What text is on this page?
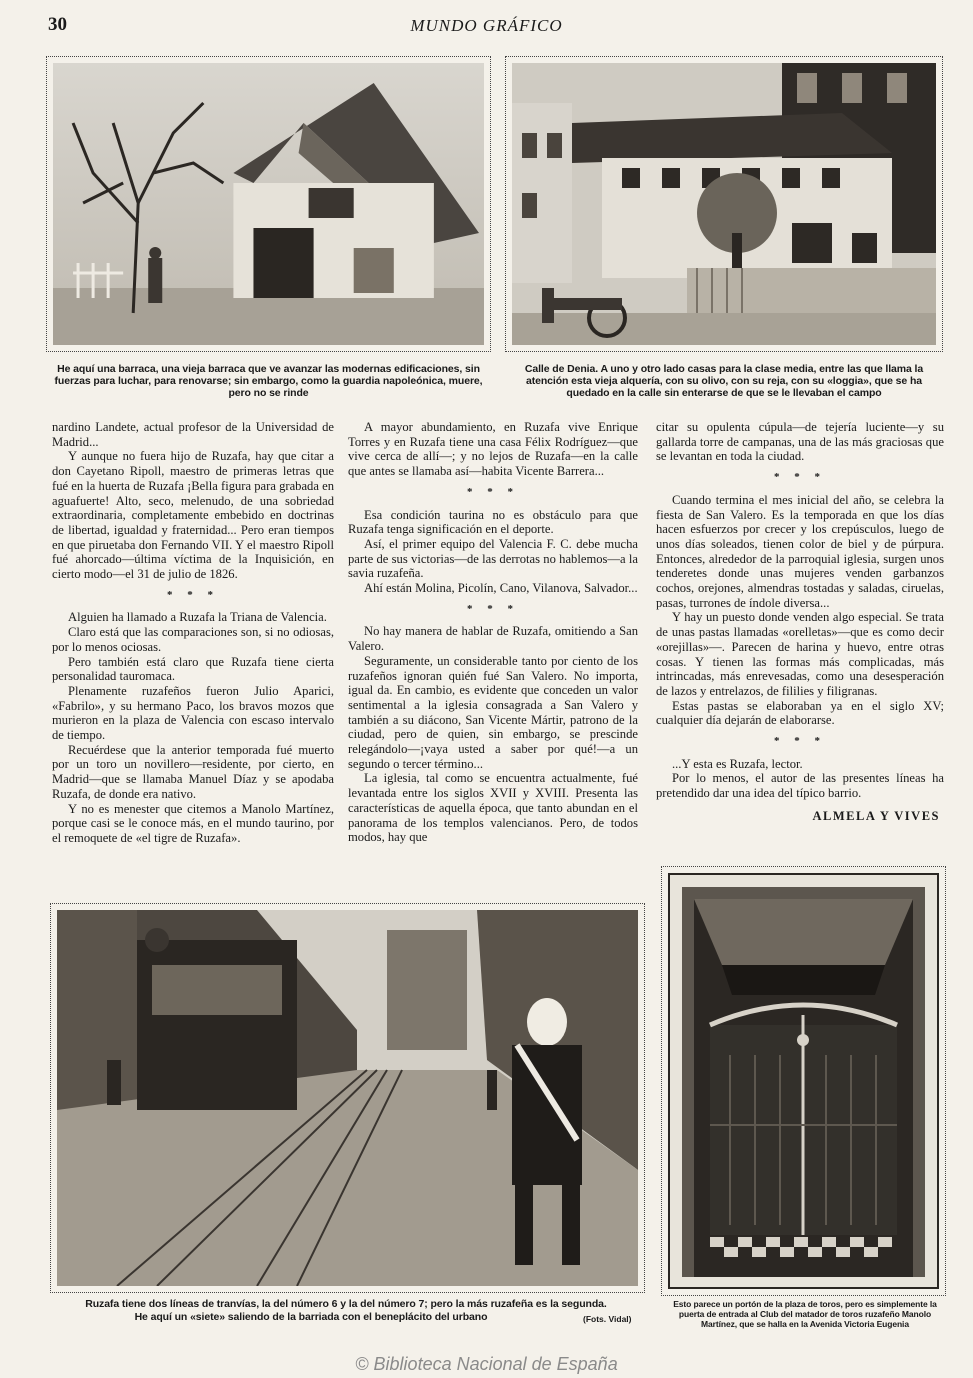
30	MUNDO GRÁFICO
He aquí una barraca, una vieja barraca que ve avanzar las modernas edificaciones, sin fuerzas para luchar, para renovarse; sin embargo, como la guardia napoleónica, muere, pero no se rinde
Calle de Denia. A uno y otro lado casas para la clase media, entre las que llama la atención esta vieja alquería, con su olivo, con su reja, con su «loggia», que se ha quedado en la calle sin enterarse de que se le llevaban el campo

nardino Landete, actual profesor de la Universidad de Madrid...

Y aunque no fuera hijo de Ruzafa, hay que citar a don Cayetano Ripoll, maestro de primeras letras que fué en la huerta de Ruzafa ¡Bella figura para grabada en aguafuerte! Alto, seco, melenudo, de una sobriedad extraordinaria, completamente embebido en doctrinas de libertad, igualdad y fraternidad... Pero eran tiempos en que piruetaba don Fernando VII. Y el maestro Ripoll fué ahorcado—última víctima de la Inquisición, en cierto modo—el 31 de julio de 1826.

* * *

Alguien ha llamado a Ruzafa la Triana de Valencia.

Claro está que las comparaciones son, si no odiosas, por lo menos ociosas.

Pero también está claro que Ruzafa tiene cierta personalidad tauromaca.

Plenamente ruzafeños fueron Julio Aparici, «Fabrilo», y su hermano Paco, los bravos mozos que murieron en la plaza de Valencia con escaso intervalo de tiempo.

Recuérdese que la anterior temporada fué muerto por un toro un novillero—residente, por cierto, en Madrid—que se llamaba Manuel Díaz y se apodaba Ruzafa, de donde era nativo.

Y no es menester que citemos a Manolo Martínez, porque casi se le conoce más, en el mundo taurino, por el remoquete de «el tigre de Ruzafa».

A mayor abundamiento, en Ruzafa vive Enrique Torres y en Ruzafa tiene una casa Félix Rodríguez—que vive cerca de allí—; y no lejos de Ruzafa—en la calle que antes se llamaba así—habita Vicente Barrera...

* * *

Esa condición taurina no es obstáculo para que Ruzafa tenga significación en el deporte.

Así, el primer equipo del Valencia F. C. debe mucha parte de sus victorias—de las derrotas no hablemos—a la savia ruzafeña.

Ahí están Molina, Picolín, Cano, Vilanova, Salvador...

* * *

No hay manera de hablar de Ruzafa, omitiendo a San Valero.

Seguramente, un considerable tanto por ciento de los ruzafeños ignoran quién fué San Valero. No importa, igual da. En cambio, es evidente que conceden un valor sentimental a la iglesia consagrada a San Valero y también a su diácono, San Vicente Mártir, patrono de la ciudad, pero de quien, sin embargo, se prescinde relegándolo—¡vaya usted a saber por qué!—a un segundo o tercer término...

La iglesia, tal como se encuentra actualmente, fué levantada entre los siglos XVII y XVIII. Presenta las características de aquella época, que tanto abundan en el panorama de los templos valencianos. Pero, de todos modos, hay que

citar su opulenta cúpula—de tejería luciente—y su gallarda torre de campanas, una de las más graciosas que se levantan en toda la ciudad.

* * *

Cuando termina el mes inicial del año, se celebra la fiesta de San Valero. Es la temporada en que los días hacen esfuerzos por crecer y los crepúsculos, luego de unos días soleados, tienen color de biel y de púrpura. Entonces, alrededor de la parroquial iglesia, surgen unos tenderetes donde unas mujeres venden garbanzos cochos, orejones, almendras tostadas y saladas, ciruelas, pasas, turrones de índole diversa...

Y hay un puesto donde venden algo especial. Se trata de unas pastas llamadas «orelletas»—que es como decir «orejillas»—. Parecen de harina y huevo, entre otras cosas. Y tienen las formas más complicadas, más intrincadas, más enrevesadas, como una desesperación de lazos y entrelazos, de fililies y filigranas.

Estas pastas se elaboraban ya en el siglo XV; cualquier día dejarán de elaborarse.

* * *

...Y esta es Ruzafa, lector.

Por lo menos, el autor de las presentes líneas ha pretendido dar una idea del típico barrio.

ALMELA Y VIVES
Ruzafa tiene dos líneas de tranvías, la del número 6 y la del número 7; pero la más ruzafeña es la segunda.
He aquí un «siete» saliendo de la barriada con el beneplácito del urbano	(Fots. Vidal)
Esto parece un portón de la plaza de toros, pero es simplemente la puerta de entrada al Club del matador de toros ruzafeño Manolo Martínez, que se halla en la Avenida Victoria Eugenia
© Biblioteca Nacional de España
